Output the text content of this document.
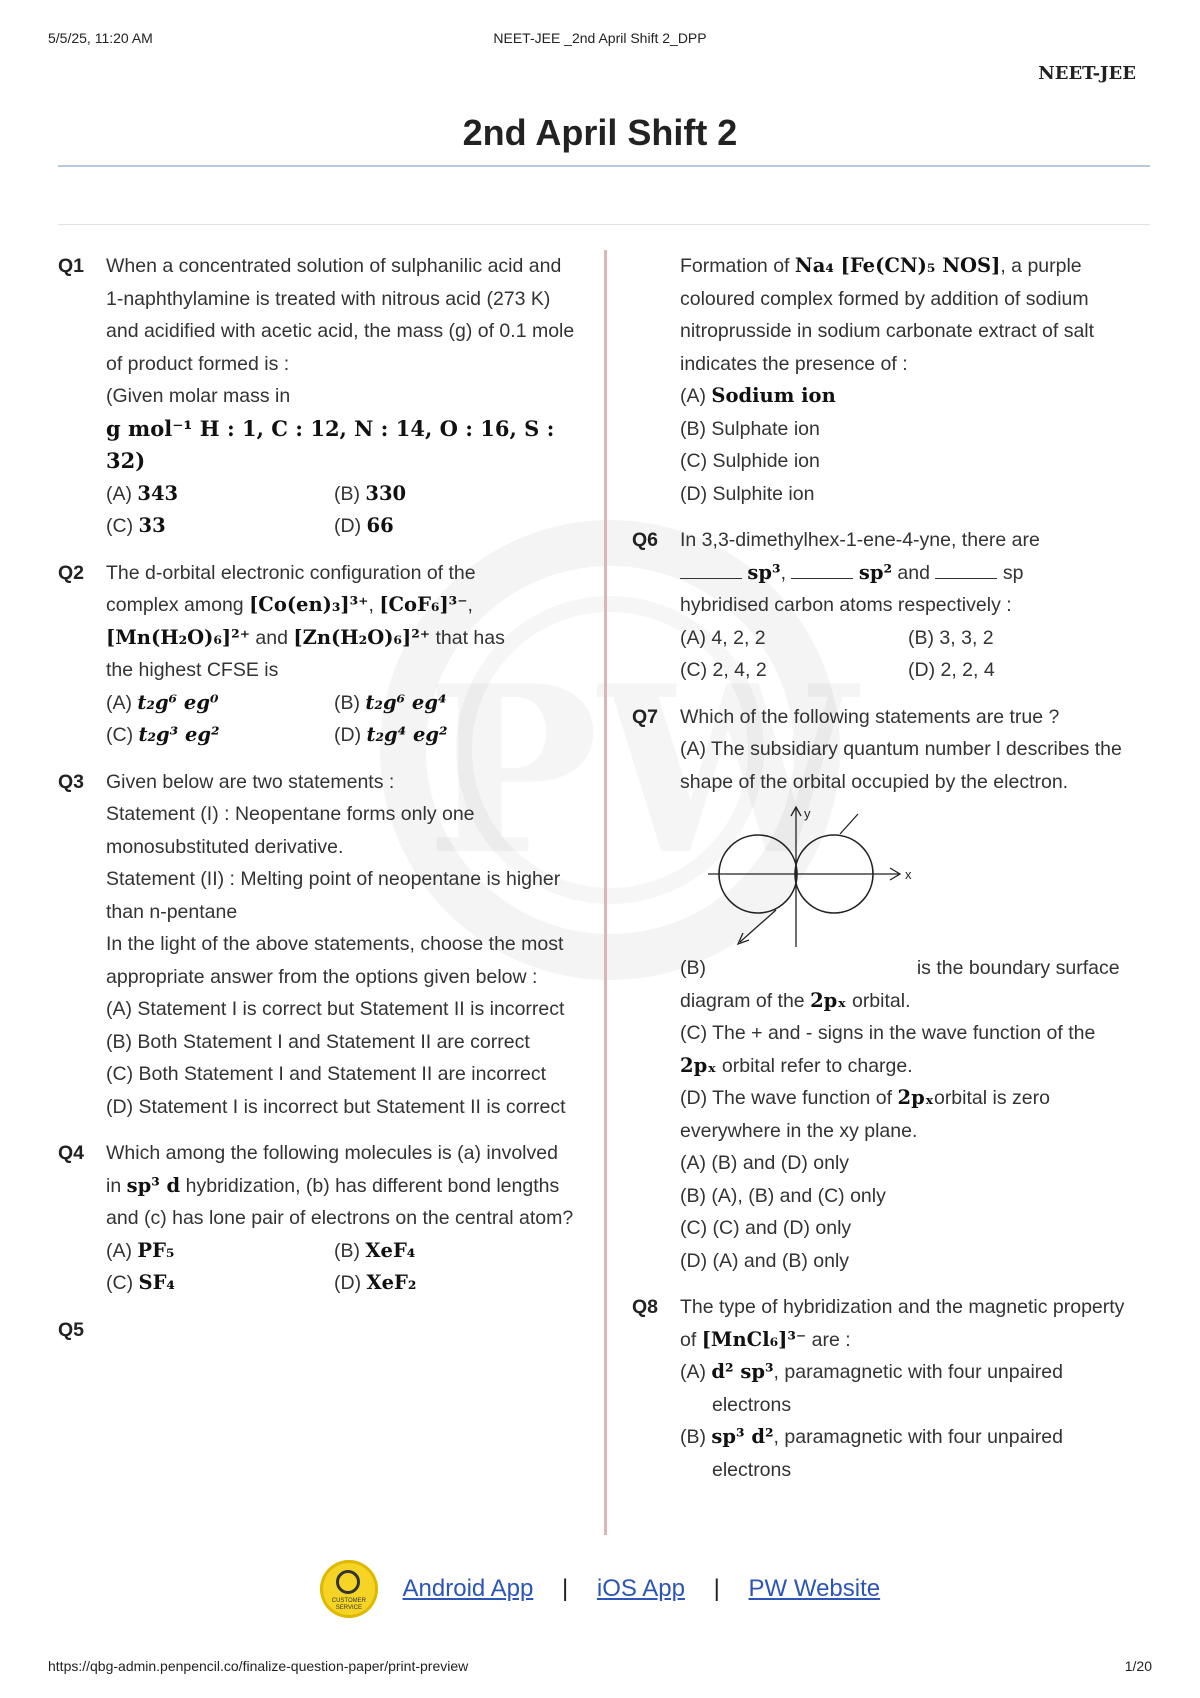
5/5/25, 11:20 AM	NEET-JEE _2nd April Shift 2_DPP
NEET-JEE
2nd April Shift 2
Q1 When a concentrated solution of sulphanilic acid and 1-naphthylamine is treated with nitrous acid (273 K) and acidified with acetic acid, the mass (g) of 0.1 mole of product formed is :
(Given molar mass in
g mol⁻¹ H : 1, C : 12, N : 14, O : 16, S : 32)
(A) 343	(B) 330
(C) 33	(D) 66
Q2 The d-orbital electronic configuration of the
complex among [Co(en)₃]³⁺, [CoF₆]³⁻,
[Mn(H₂O)₆]²⁺ and [Zn(H₂O)₆]²⁺ that has
the highest CFSE is
(A) t₂g⁶ eg⁰	(B) t₂g⁶ eg⁴
(C) t₂g³ eg²	(D) t₂g⁴ eg²
Q3 Given below are two statements :
Statement (I) : Neopentane forms only one monosubstituted derivative.
Statement (II) : Melting point of neopentane is higher than n-pentane
In the light of the above statements, choose the most appropriate answer from the options given below :
(A) Statement I is correct but Statement II is incorrect
(B) Both Statement I and Statement II are correct
(C) Both Statement I and Statement II are incorrect
(D) Statement I is incorrect but Statement II is correct
Q4 Which among the following molecules is (a) involved in sp³ d hybridization, (b) has different bond lengths and (c) has lone pair of electrons on the central atom?
(A) PF₅	(B) XeF₄
(C) SF₄	(D) XeF₂
Q5

Formation of Na₄ [Fe(CN)₅ NOS], a purple coloured complex formed by addition of sodium nitroprusside in sodium carbonate extract of salt indicates the presence of :
(A) Sodium ion
(B) Sulphate ion
(C) Sulphide ion
(D) Sulphite ion
Q6 In 3,3-dimethylhex-1-ene-4-yne, there are
sp³,	sp² and	sp
hybridised carbon atoms respectively :
(A) 4, 2, 2	(B) 3, 3, 2
(C) 2, 4, 2	(D) 2, 2, 4
Q7 Which of the following statements are true ?
(A) The subsidiary quantum number l describes the shape of the orbital occupied by the electron.
y
x
(B)	is the boundary surface diagram of the 2pₓ orbital.
(C) The + and - signs in the wave function of the 2pₓ orbital refer to charge.
(D) The wave function of 2pₓorbital is zero everywhere in the xy plane.
(A) (B) and (D) only
(B) (A), (B) and (C) only
(C) (C) and (D) only
(D) (A) and (B) only
Q8 The type of hybridization and the magnetic property of [MnCl₆]³⁻ are :
(A) d² sp³, paramagnetic with four unpaired electrons
(B) sp³ d², paramagnetic with four unpaired electrons
CUSTOMER SERVICE
Android App | iOS App | PW Website
https://qbg-admin.penpencil.co/finalize-question-paper/print-preview	1/20
